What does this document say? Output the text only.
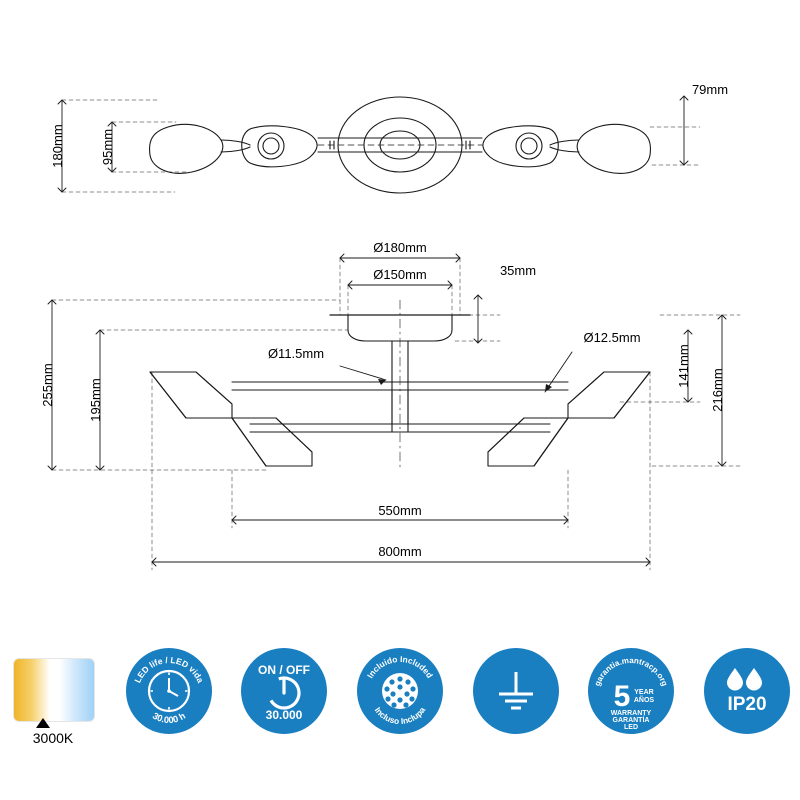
180mm	95mm
79mm
Ø180mm
Ø150mm	35mm
Ø11.5mm
Ø12.5mm
255mm	195mm
141mm
216mm
550mm
800mm
3000K
LED life / LED vida
30.000 h
ON / OFF
30.000
Incluido Included
Incluso Inclupa
garantia.mantracp.org
5 YEAR
AÑOS
WARRANTY
GARANTÍA
LED
IP20
